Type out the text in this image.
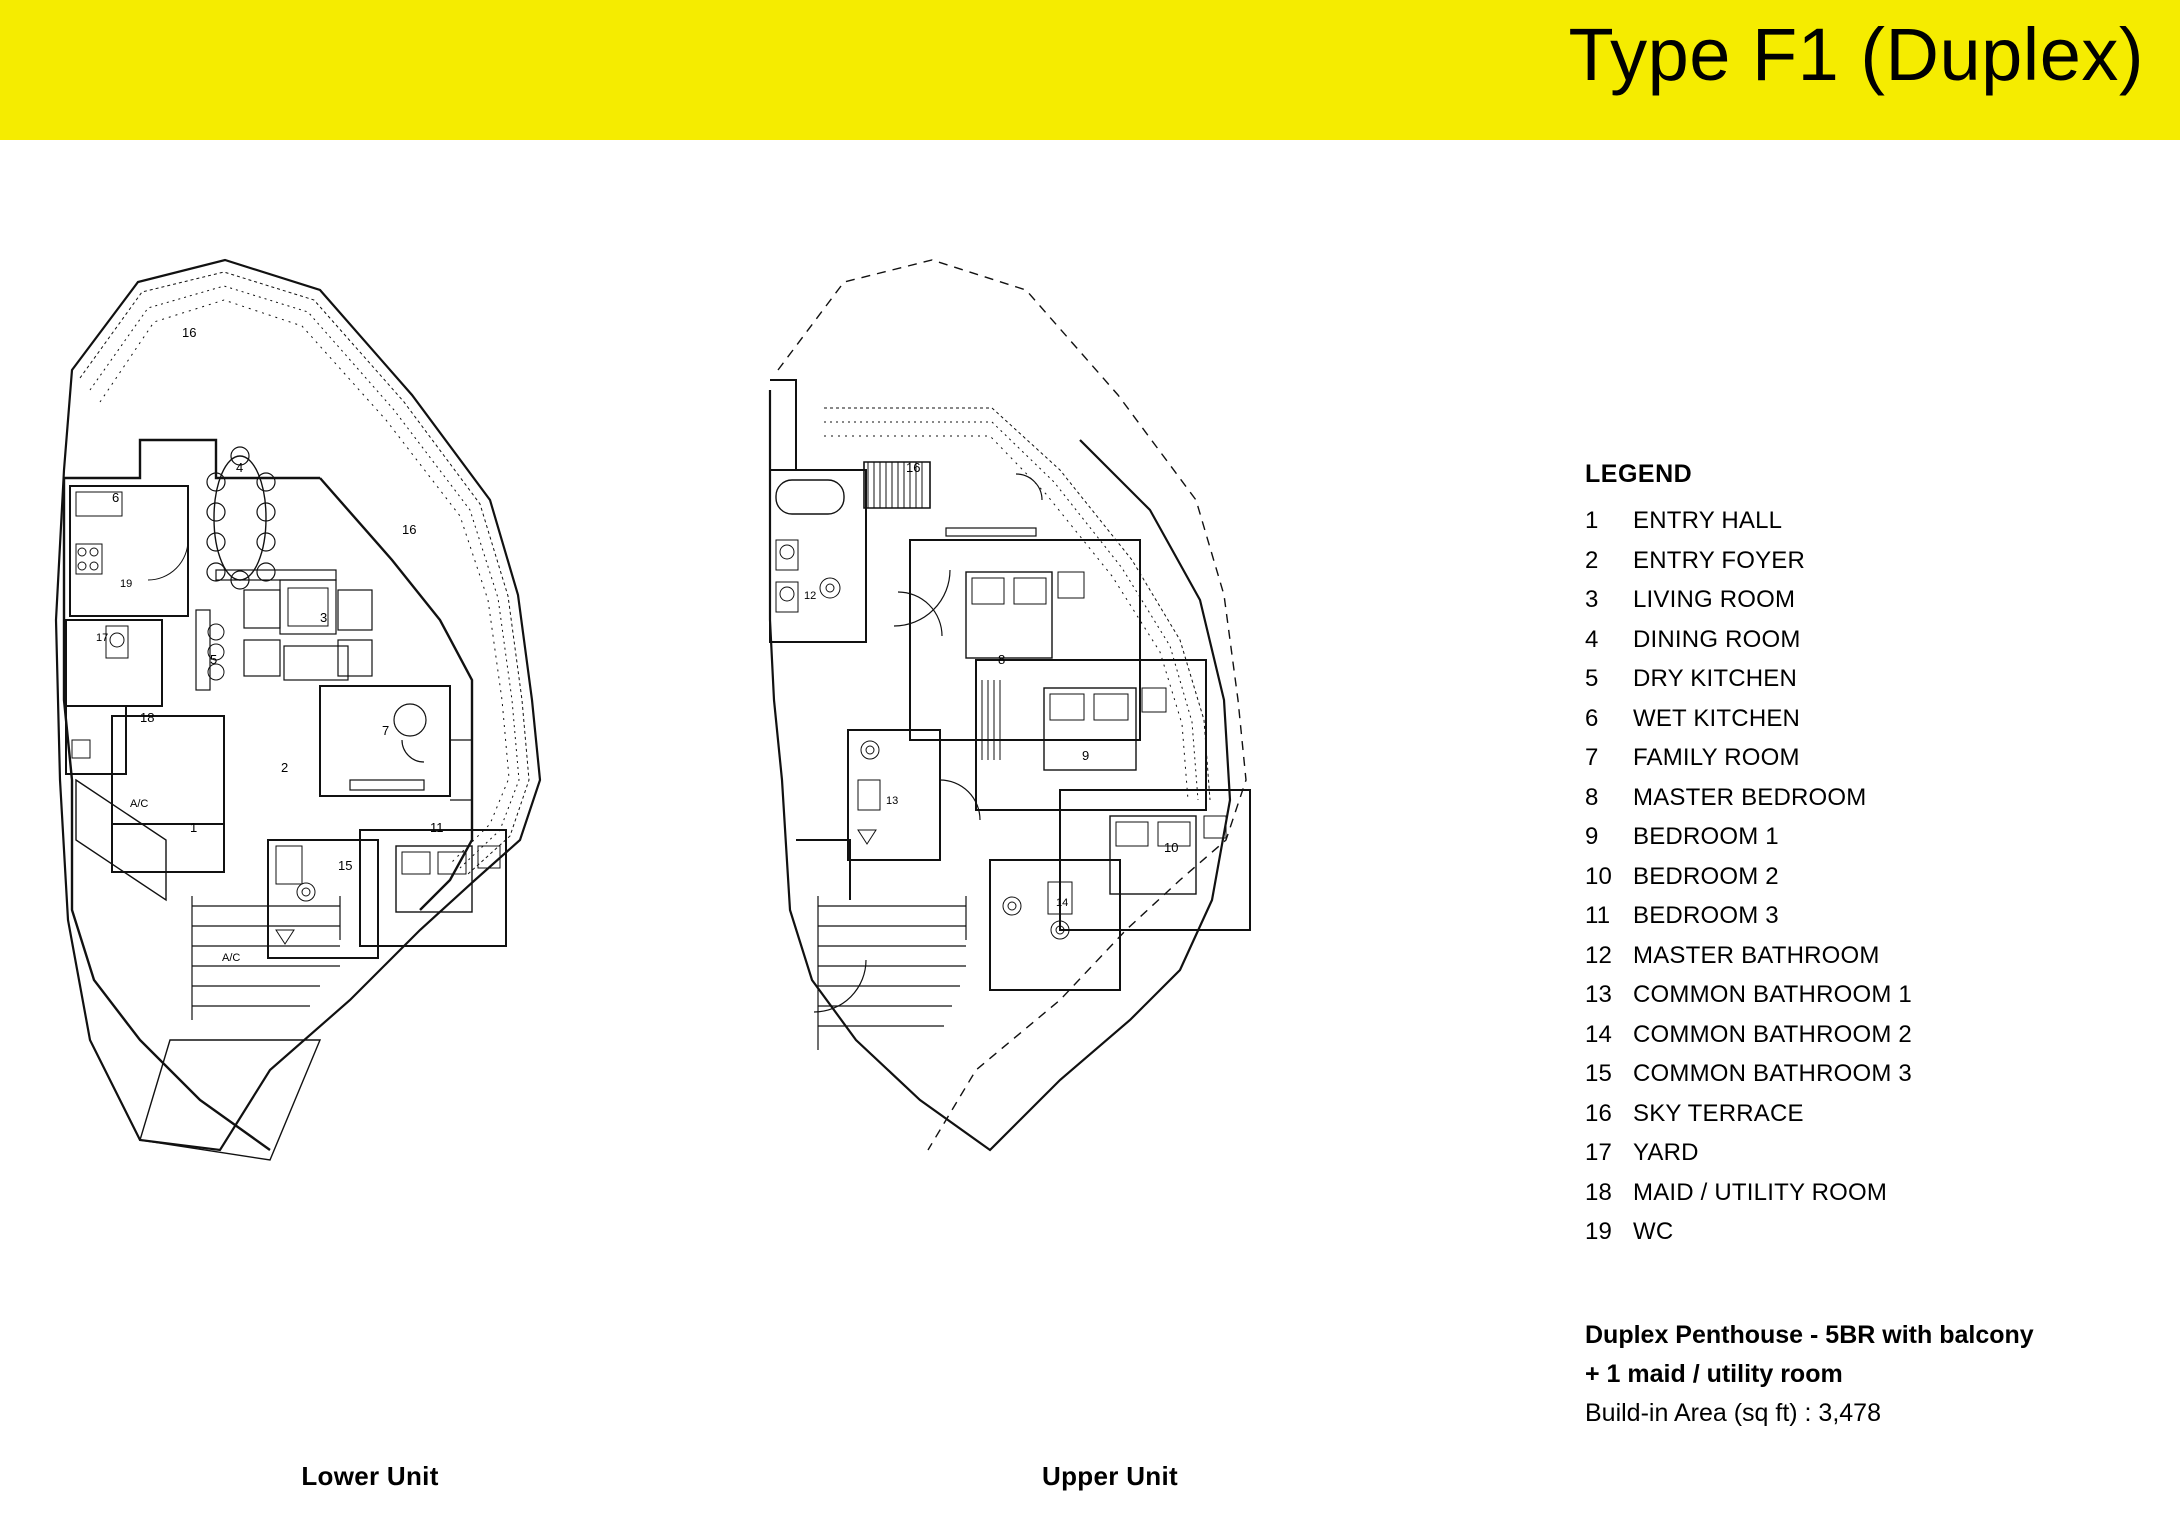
Type F1 (Duplex)
16
6
4
16
19
17
3
5
18
7
2
1	11
15
A/C
A/C
Lower Unit
16
12
8
9
13
10
14
Upper Unit
LEGEND
1	ENTRY HALL
2	ENTRY FOYER
3	LIVING ROOM
4	DINING ROOM
5	DRY KITCHEN
6	WET KITCHEN
7	FAMILY ROOM
8	MASTER BEDROOM
9	BEDROOM 1
10 BEDROOM 2
11 BEDROOM 3
12 MASTER BATHROOM
13 COMMON BATHROOM 1
14 COMMON BATHROOM 2
15 COMMON BATHROOM 3
16 SKY TERRACE
17 YARD
18 MAID / UTILITY ROOM
19 WC
Duplex Penthouse - 5BR with balcony
+ 1 maid / utility room
Build-in Area (sq ft) : 3,478
